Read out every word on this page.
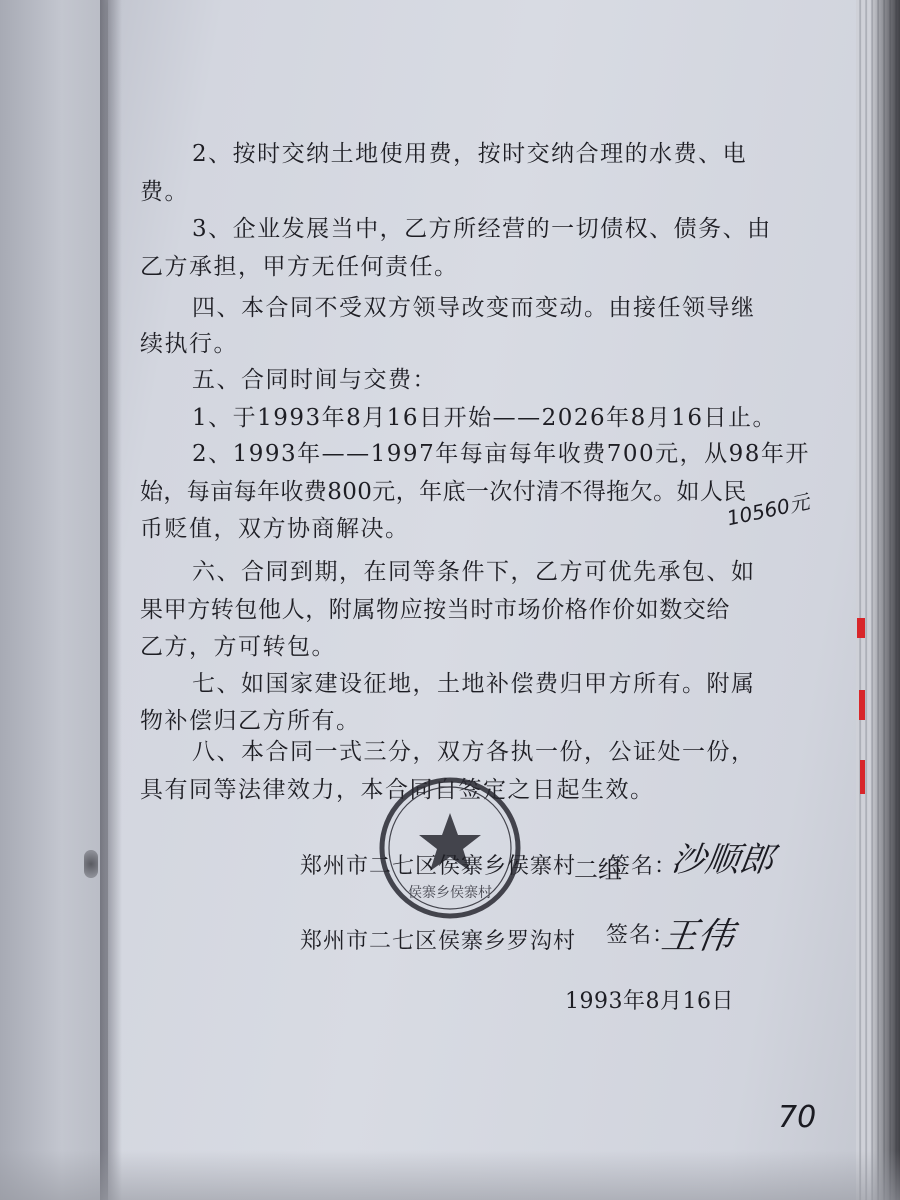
2、按时交纳土地使用费，按时交纳合理的水费、电
费。
3、企业发展当中，乙方所经营的一切债权、债务、由
乙方承担，甲方无任何责任。
四、本合同不受双方领导改变而变动。由接任领导继
续执行。
五、合同时间与交费：
1、于1993年8月16日开始——2026年8月16日止。
2、1993年——1997年每亩每年收费700元，从98年开
始，每亩每年收费800元，年底一次付清不得拖欠。如人民
币贬值，双方协商解决。
六、合同到期，在同等条件下，乙方可优先承包、如
果甲方转包他人，附属物应按当时市场价格作价如数交给
乙方，方可转包。
七、如国家建设征地，土地补偿费归甲方所有。附属
物补偿归乙方所有。
八、本合同一式三分，双方各执一份，公证处一份，
具有同等法律效力，本合同自签定之日起生效。
侯寨乡侯寨村
郑州市二七区侯寨乡侯寨村
二组
签名：
沙顺郎
郑州市二七区侯寨乡罗沟村 签名：
王伟
1993年8月16日
10560元
70
